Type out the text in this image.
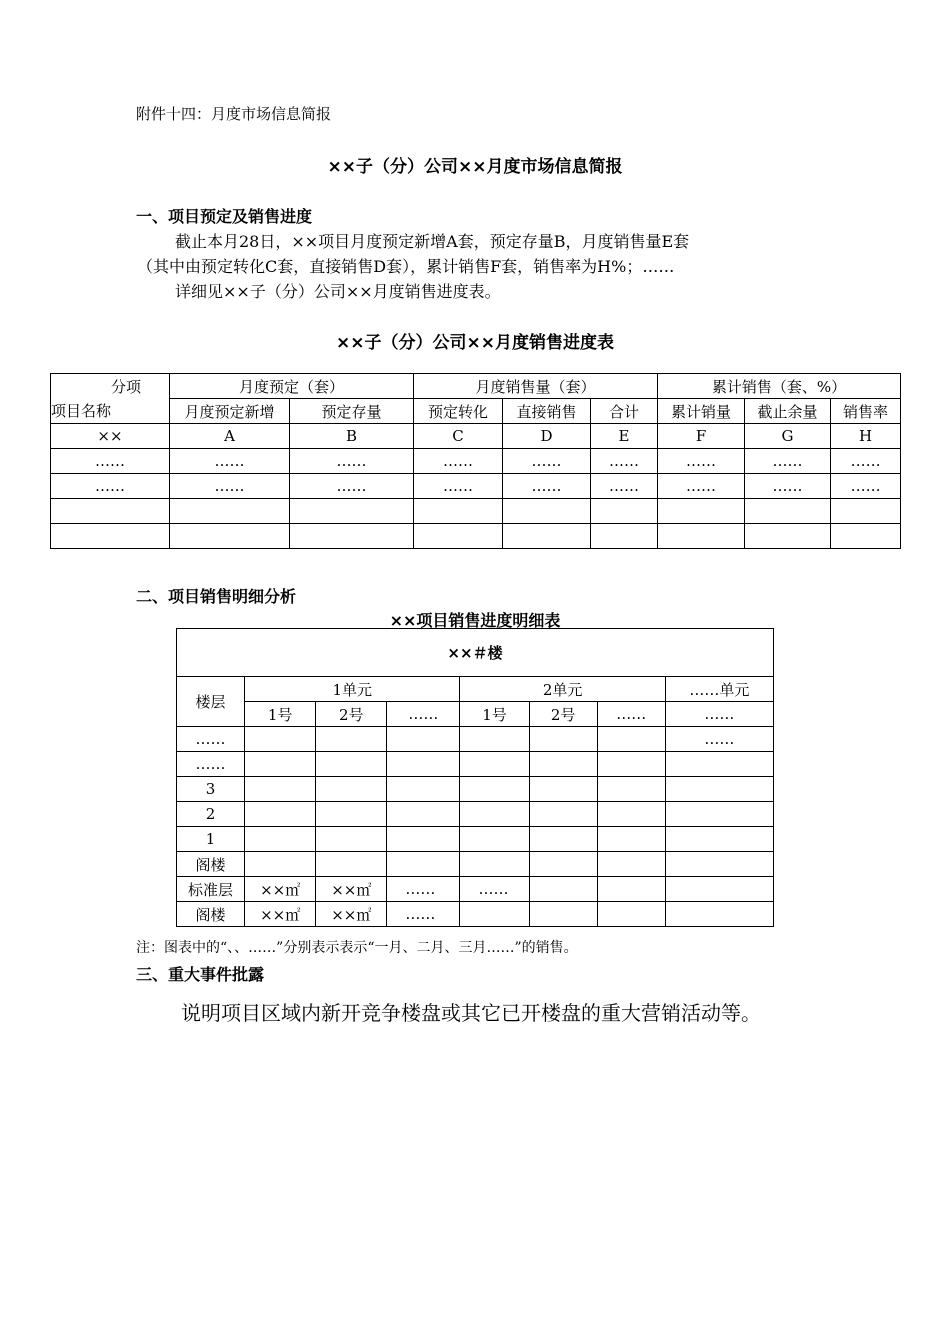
附件十四：月度市场信息简报
××子（分）公司××月度市场信息简报
一、项目预定及销售进度
截止本月28日，××项目月度预定新增A套，预定存量B，月度销售量E套
（其中由预定转化C套，直接销售D套），累计销售F套，销售率为H%；……
详细见××子（分）公司××月度销售进度表。
××子（分）公司××月度销售进度表
分项	月度预定（套）		月度销售量（套）			累计销售（套、%）		
项目名称	月度预定新增	预定存量	预定转化	直接销售	合计	累计销量	截止余量	销售率
××	A	B	C	D	E	F	G	H
……	……	……	……	……	……	……	……	……
……	……	……	……	……	……	……	……	……

二、项目销售明细分析
××项目销售进度明细表
××＃楼							
楼层	1单元			2单元			……单元
	1号	2号	……	1号	2号	……	……
……							……
……							
3							
2							
1							
阁楼							
标准层	××㎡	××㎡	……	……			
阁楼	××㎡	××㎡	……				
注：图表中的“、、……”分别表示表示“一月、二月、三月……”的销售。
三、重大事件批露
说明项目区域内新开竞争楼盘或其它已开楼盘的重大营销活动等。
